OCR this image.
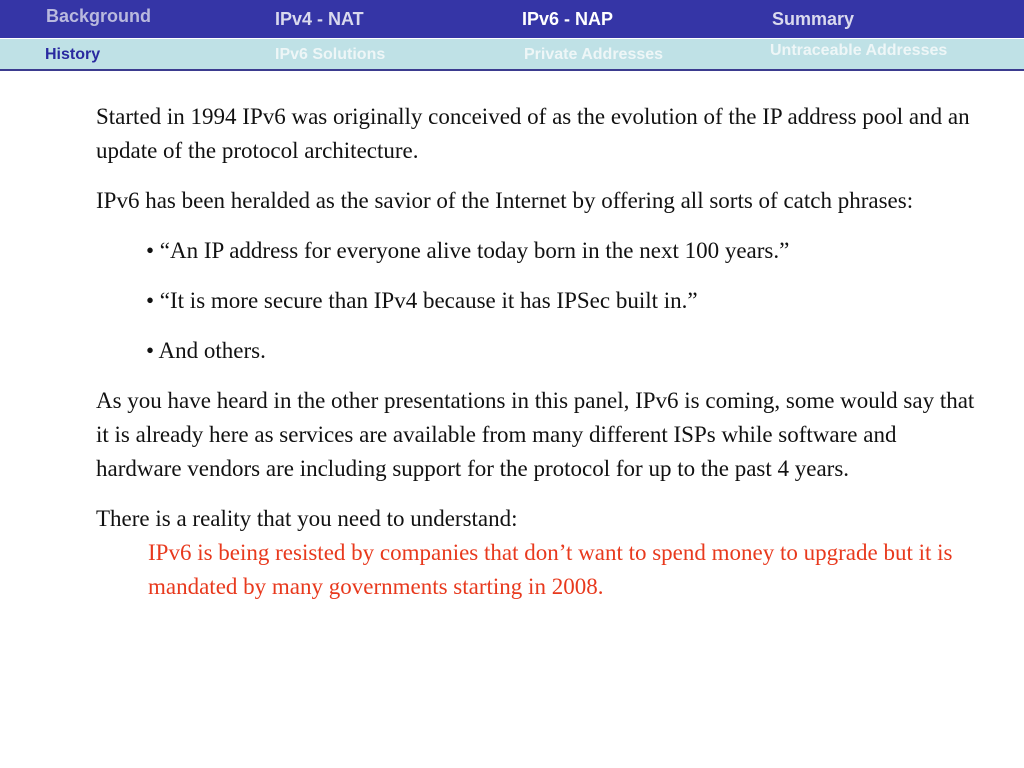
Background	IPv4 - NAT	IPv6 - NAP	Summary
History	IPv6 Solutions	Private Addresses	Untraceable Addresses

Started in 1994 IPv6 was originally conceived of as the evolution of the IP address pool and an update of the protocol architecture.

IPv6 has been heralded as the savior of the Internet by offering all sorts of catch phrases:

• “An IP address for everyone alive today born in the next 100 years.”

• “It is more secure than IPv4 because it has IPSec built in.”

• And others.

As you have heard in the other presentations in this panel, IPv6 is coming, some would say that it is already here as services are available from many different ISPs while software and hardware vendors are including support for the protocol for up to the past 4 years.

There is a reality that you need to understand:

IPv6 is being resisted by companies that don’t want to spend money to upgrade but it is mandated by many governments starting in 2008.
